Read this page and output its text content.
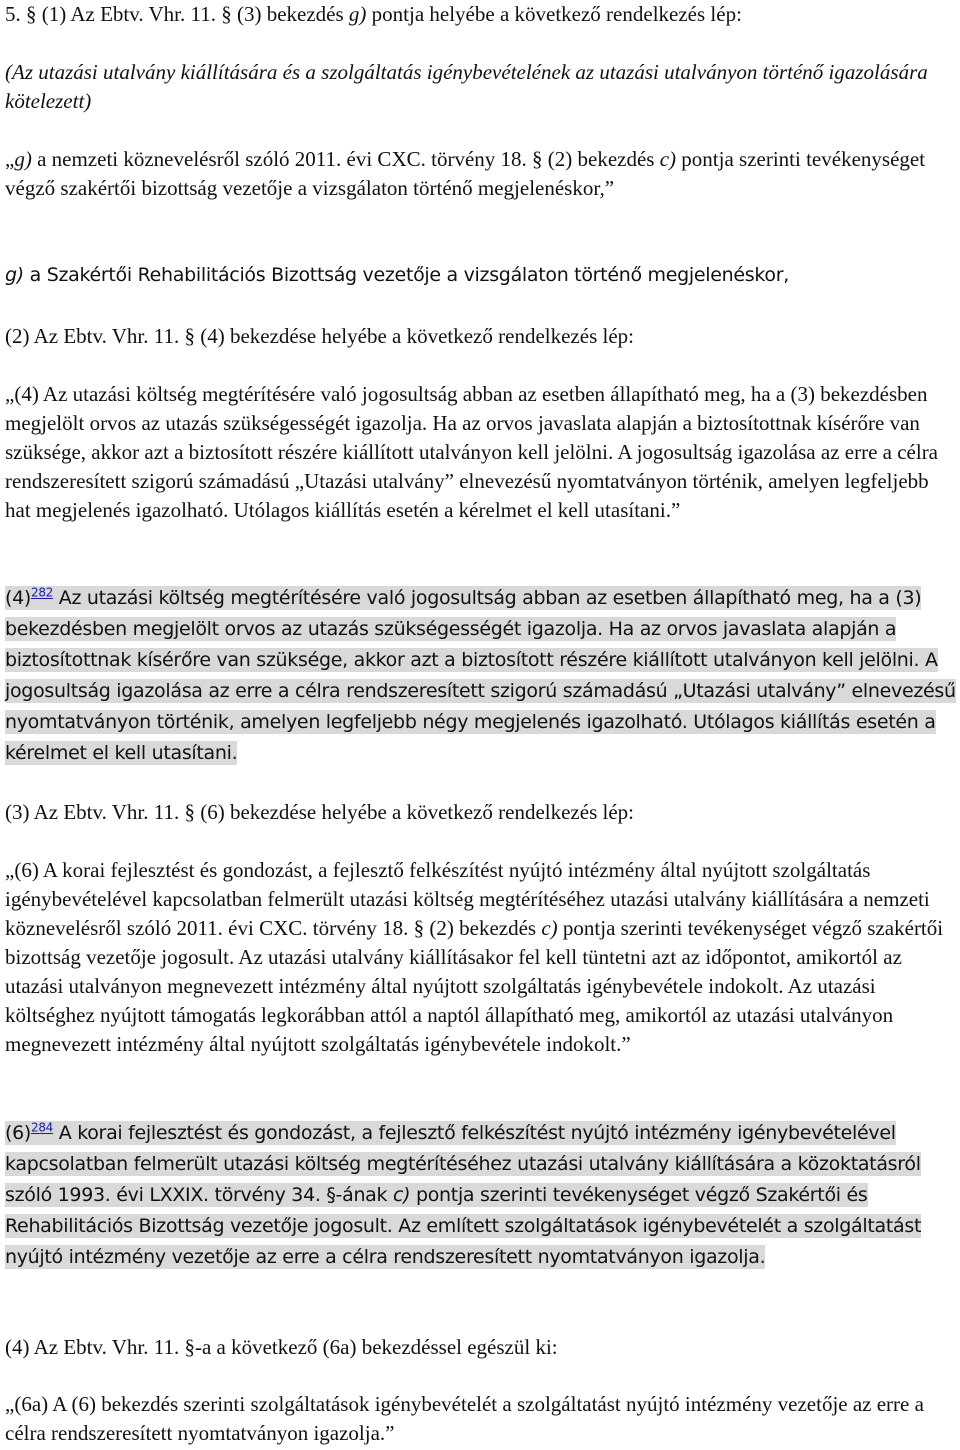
5. § (1) Az Ebtv. Vhr. 11. § (3) bekezdés g) pontja helyébe a következő rendelkezés lép:

(Az utazási utalvány kiállítására és a szolgáltatás igénybevételének az utazási utalványon történő igazolására kötelezett)

„g) a nemzeti köznevelésről szóló 2011. évi CXC. törvény 18. § (2) bekezdés c) pontja szerinti tevékenységet végző szakértői bizottság vezetője a vizsgálaton történő megjelenéskor,”

g) a Szakértői Rehabilitációs Bizottság vezetője a vizsgálaton történő megjelenéskor,

(2) Az Ebtv. Vhr. 11. § (4) bekezdése helyébe a következő rendelkezés lép:

„(4) Az utazási költség megtérítésére való jogosultság abban az esetben állapítható meg, ha a (3) bekezdésben megjelölt orvos az utazás szükségességét igazolja. Ha az orvos javaslata alapján a biztosítottnak kísérőre van szüksége, akkor azt a biztosított részére kiállított utalványon kell jelölni. A jogosultság igazolása az erre a célra rendszeresített szigorú számadású „Utazási utalvány” elnevezésű nyomtatványon történik, amelyen legfeljebb hat megjelenés igazolható. Utólagos kiállítás esetén a kérelmet el kell utasítani.”

(4)$^{282}$ Az utazási költség megtérítésére való jogosultság abban az esetben állapítható meg, ha a (3) bekezdésben megjelölt orvos az utazás szükségességét igazolja. Ha az orvos javaslata alapján a biztosítottnak kísérőre van szüksége, akkor azt a biztosított részére kiállított utalványon kell jelölni. A jogosultság igazolása az erre a célra rendszeresített szigorú számadású „Utazási utalvány” elnevezésű nyomtatványon történik, amelyen legfeljebb négy megjelenés igazolható. Utólagos kiállítás esetén a kérelmet el kell utasítani.

(3) Az Ebtv. Vhr. 11. § (6) bekezdése helyébe a következő rendelkezés lép:

„(6) A korai fejlesztést és gondozást, a fejlesztő felkészítést nyújtó intézmény által nyújtott szolgáltatás igénybevételével kapcsolatban felmerült utazási költség megtérítéséhez utazási utalvány kiállítására a nemzeti köznevelésről szóló 2011. évi CXC. törvény 18. § (2) bekezdés c) pontja szerinti tevékenységet végző szakértői bizottság vezetője jogosult. Az utazási utalvány kiállításakor fel kell tüntetni azt az időpontot, amikortól az utazási utalványon megnevezett intézmény által nyújtott szolgáltatás igénybevétele indokolt. Az utazási költséghez nyújtott támogatás legkorábban attól a naptól állapítható meg, amikortól az utazási utalványon megnevezett intézmény által nyújtott szolgáltatás igénybevétele indokolt.”

(6)$^{284}$ A korai fejlesztést és gondozást, a fejlesztő felkészítést nyújtó intézmény igénybevételével kapcsolatban felmerült utazási költség megtérítéséhez utazási utalvány kiállítására a közoktatásról szóló 1993. évi LXXIX. törvény 34. §-ának c) pontja szerinti tevékenységet végző Szakértői és Rehabilitációs Bizottság vezetője jogosult. Az említett szolgáltatások igénybevételét a szolgáltatást nyújtó intézmény vezetője az erre a célra rendszeresített nyomtatványon igazolja.

(4) Az Ebtv. Vhr. 11. §-a a következő (6a) bekezdéssel egészül ki:

„(6a) A (6) bekezdés szerinti szolgáltatások igénybevételét a szolgáltatást nyújtó intézmény vezetője az erre a célra rendszeresített nyomtatványon igazolja.”
